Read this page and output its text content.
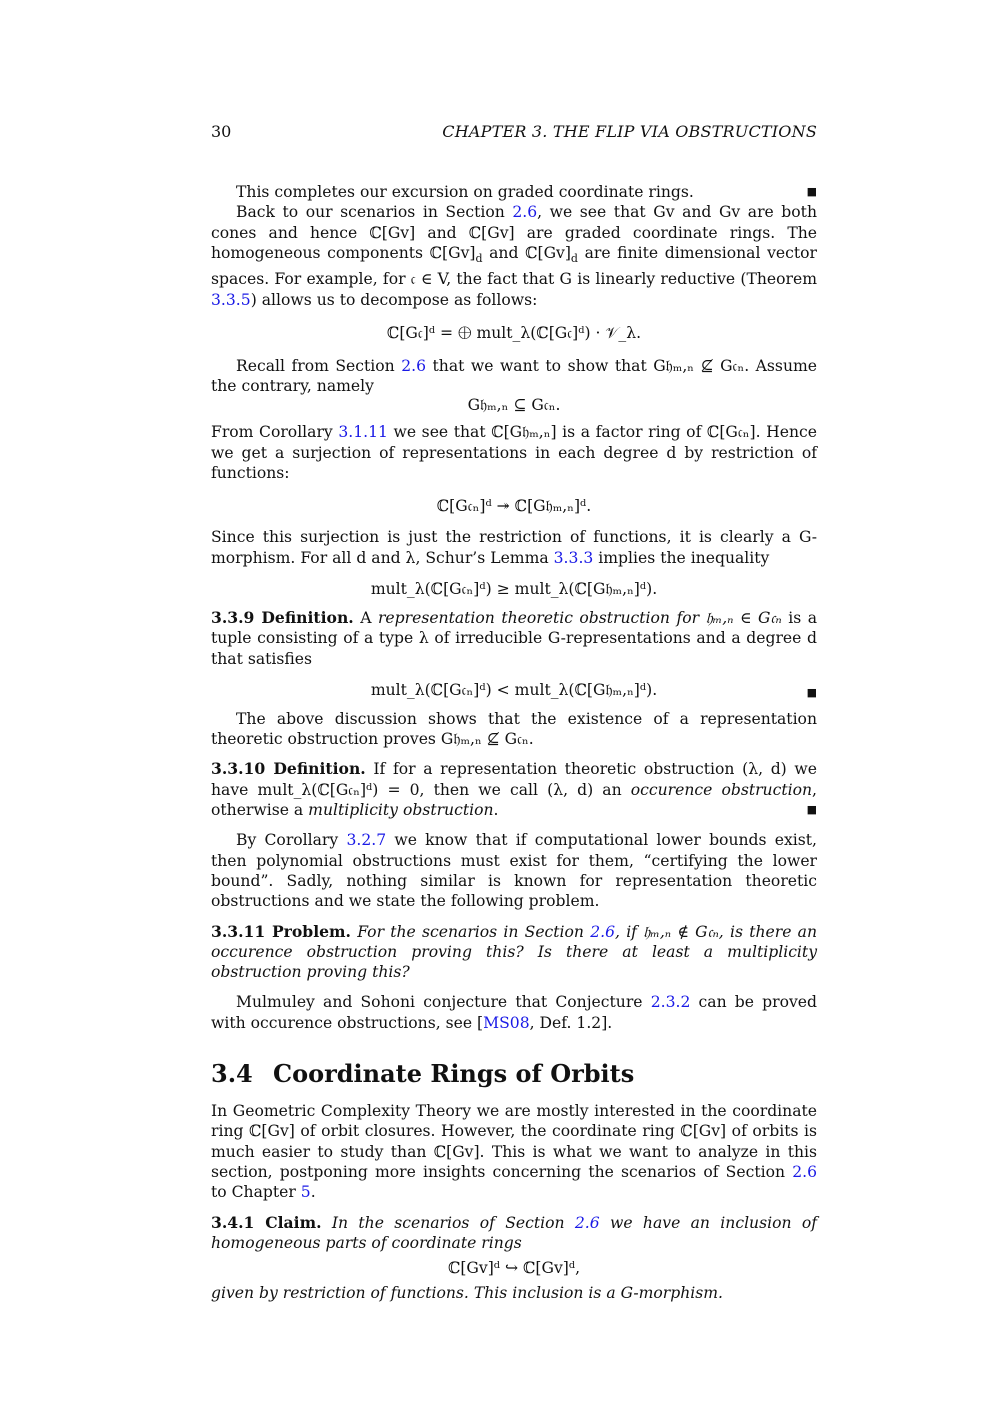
30	CHAPTER 3. THE FLIP VIA OBSTRUCTIONS

■
This completes our excursion on graded coordinate rings.

Back to our scenarios in Section 2.6, we see that Gv and Gv are both cones and hence ℂ[Gv] and ℂ[Gv] are graded coordinate rings. The homogeneous components $ℂ[Gv]_d$ and $ℂ[Gv]_d$ are finite dimensional vector spaces. For example, for 𝔠 ∈ V, the fact that G is linearly reductive (Theorem 3.3.5) allows us to decompose as follows:

ℂ[G𝔠]ᵈ = ⨁ mult_λ(ℂ[G𝔠]ᵈ) · 𝒱_λ.

Recall from Section 2.6 that we want to show that G𝔥ₘ,ₙ ⊈ G𝔠ₙ. Assume the contrary, namely

G𝔥ₘ,ₙ ⊆ G𝔠ₙ.

From Corollary 3.1.11 we see that ℂ[G𝔥ₘ,ₙ] is a factor ring of ℂ[G𝔠ₙ]. Hence we get a surjection of representations in each degree d by restriction of functions:

ℂ[G𝔠ₙ]ᵈ ↠ ℂ[G𝔥ₘ,ₙ]ᵈ.

Since this surjection is just the restriction of functions, it is clearly a G-morphism. For all d and λ, Schur’s Lemma 3.3.3 implies the inequality

mult_λ(ℂ[G𝔠ₙ]ᵈ) ≥ mult_λ(ℂ[G𝔥ₘ,ₙ]ᵈ).

3.3.9 Definition. A representation theoretic obstruction for 𝔥ₘ,ₙ ∈ G𝔠ₙ is a tuple consisting of a type λ of irreducible G-representations and a degree d that satisfies

mult_λ(ℂ[G𝔠ₙ]ᵈ) < mult_λ(ℂ[G𝔥ₘ,ₙ]ᵈ).	■

The above discussion shows that the existence of a representation theoretic obstruction proves G𝔥ₘ,ₙ ⊈ G𝔠ₙ.

3.3.10 Definition. If for a representation theoretic obstruction (λ, d) we have mult_λ(ℂ[G𝔠ₙ]ᵈ) = 0, then we call (λ, d) an occurence obstruction, otherwise a multiplicity obstruction.	■

By Corollary 3.2.7 we know that if computational lower bounds exist, then polynomial obstructions must exist for them, “certifying the lower bound”. Sadly, nothing similar is known for representation theoretic obstructions and we state the following problem.

3.3.11 Problem. For the scenarios in Section 2.6, if 𝔥ₘ,ₙ ∉ G𝔠ₙ, is there an occurence obstruction proving this? Is there at least a multiplicity obstruction proving this?

Mulmuley and Sohoni conjecture that Conjecture 2.3.2 can be proved with occurence obstructions, see [MS08, Def. 1.2].

3.4 Coordinate Rings of Orbits

In Geometric Complexity Theory we are mostly interested in the coordinate ring ℂ[Gv] of orbit closures. However, the coordinate ring ℂ[Gv] of orbits is much easier to study than ℂ[Gv]. This is what we want to analyze in this section, postponing more insights concerning the scenarios of Section 2.6 to Chapter 5.

3.4.1 Claim. In the scenarios of Section 2.6 we have an inclusion of homogeneous parts of coordinate rings

ℂ[Gv]ᵈ ↪ ℂ[Gv]ᵈ,

given by restriction of functions. This inclusion is a G-morphism.
